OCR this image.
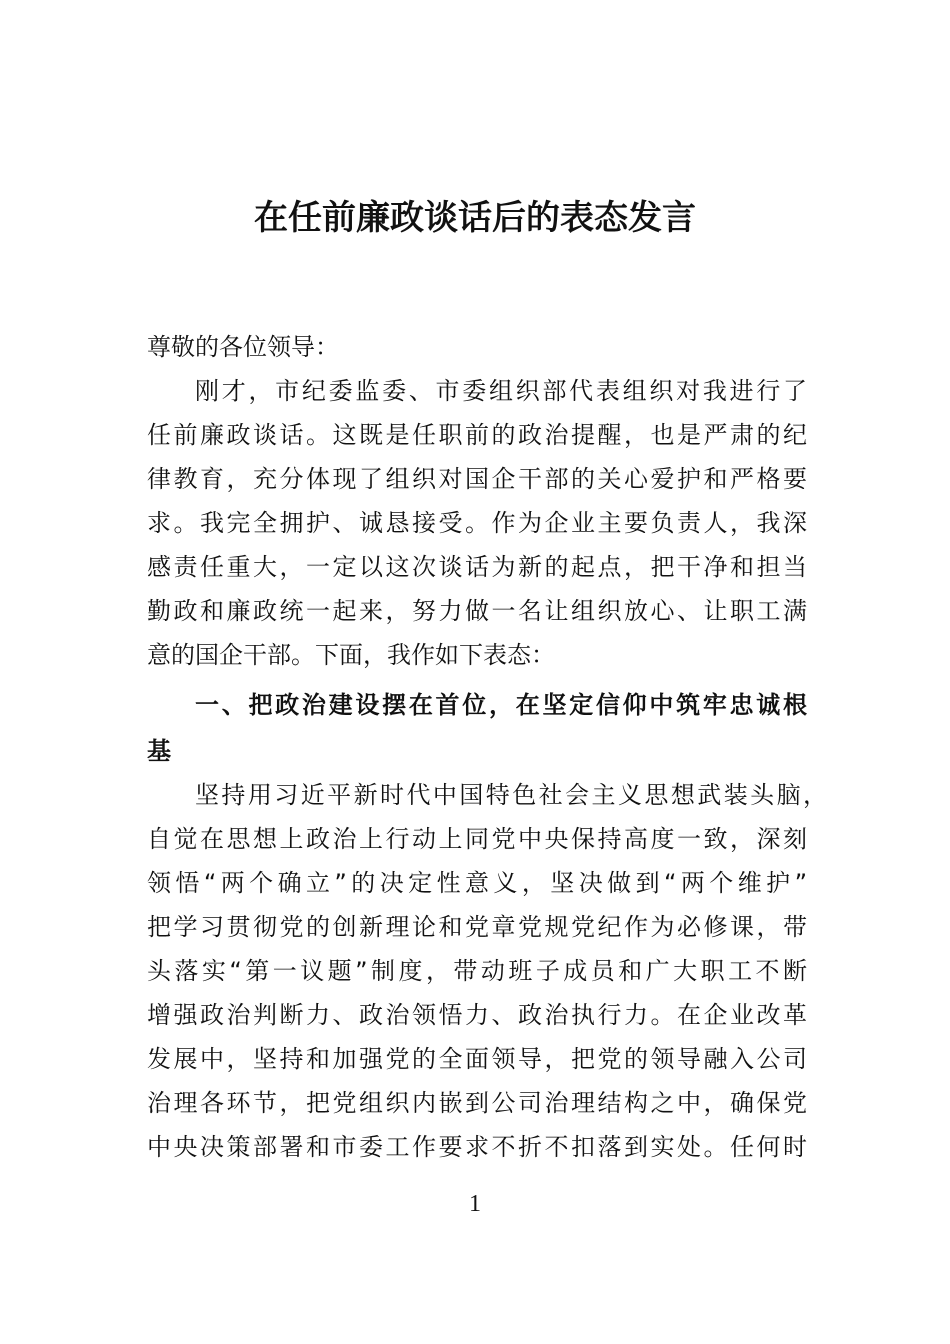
在任前廉政谈话后的表态发言

尊敬的各位领导：

刚才，市纪委监委、市委组织部代表组织对我进行了

任前廉政谈话。这既是任职前的政治提醒，也是严肃的纪

律教育，充分体现了组织对国企干部的关心爱护和严格要

求。我完全拥护、诚恳接受。作为企业主要负责人，我深

感责任重大，一定以这次谈话为新的起点，把干净和担当

勤政和廉政统一起来，努力做一名让组织放心、让职工满

意的国企干部。下面，我作如下表态：

一、把政治建设摆在首位，在坚定信仰中筑牢忠诚根

基

坚持用习近平新时代中国特色社会主义思想武装头脑，

自觉在思想上政治上行动上同党中央保持高度一致，深刻

领悟“两个确立”的决定性意义，坚决做到“两个维护”

把学习贯彻党的创新理论和党章党规党纪作为必修课，带

头落实“第一议题”制度，带动班子成员和广大职工不断

增强政治判断力、政治领悟力、政治执行力。在企业改革

发展中，坚持和加强党的全面领导，把党的领导融入公司

治理各环节，把党组织内嵌到公司治理结构之中，确保党

中央决策部署和市委工作要求不折不扣落到实处。任何时

1
